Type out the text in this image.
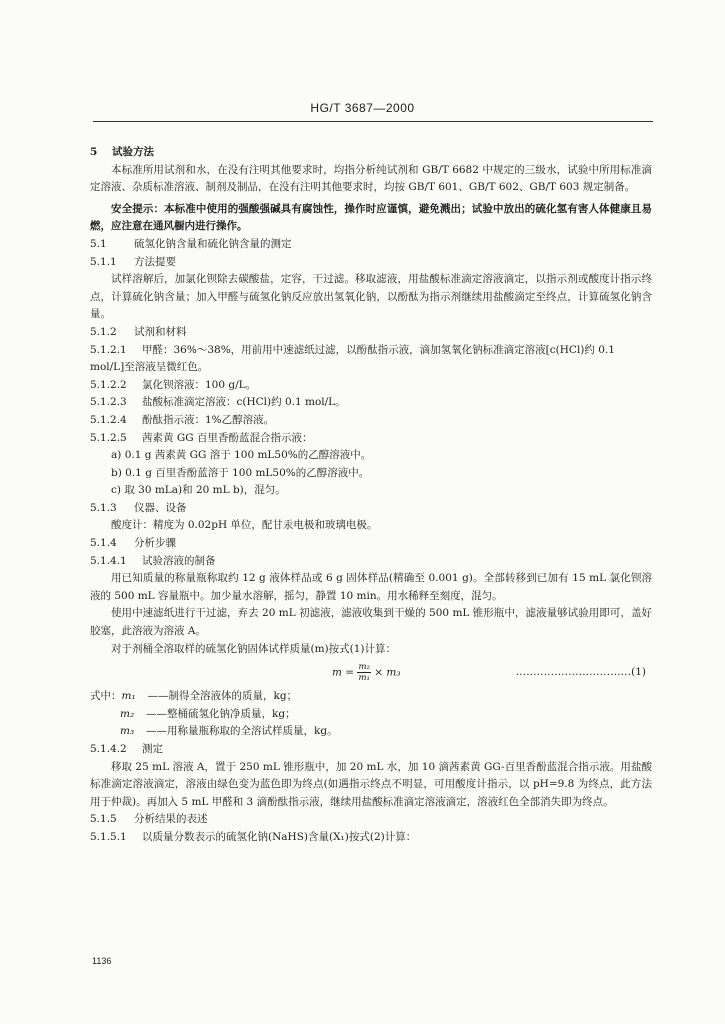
HG/T 3687—2000

5 试验方法

本标准所用试剂和水，在没有注明其他要求时，均指分析纯试剂和 GB/T 6682 中规定的三级水，试验中所用标准滴定溶液、杂质标准溶液、制剂及制品，在没有注明其他要求时，均按 GB/T 601、GB/T 602、GB/T 603 规定制备。

安全提示：本标准中使用的强酸强碱具有腐蚀性，操作时应谨慎，避免溅出；试验中放出的硫化氢有害人体健康且易燃，应注意在通风橱内进行操作。

5.1	硫氢化钠含量和硫化钠含量的测定

5.1.1 方法提要

试样溶解后，加氯化钡除去碳酸盐，定容，干过滤。移取滤液，用盐酸标准滴定溶液滴定，以指示剂或酸度计指示终点，计算硫化钠含量；加入甲醛与硫氢化钠反应放出氢氧化钠，以酚酞为指示剂继续用盐酸滴定至终点，计算硫氢化钠含量。

5.1.2 试剂和材料

5.1.2.1 甲醛：36%～38%，用前用中速滤纸过滤，以酚酞指示液，滴加氢氧化钠标准滴定溶液[c(HCl)约 0.1 mol/L]至溶液呈微红色。

5.1.2.2 氯化钡溶液：100 g/L。

5.1.2.3 盐酸标准滴定溶液：c(HCl)约 0.1 mol/L。

5.1.2.4 酚酞指示液：1%乙醇溶液。

5.1.2.5 茜素黄 GG 百里香酚蓝混合指示液：

a) 0.1 g 茜素黄 GG 溶于 100 mL50%的乙醇溶液中。

b) 0.1 g 百里香酚蓝溶于 100 mL50%的乙醇溶液中。

c) 取 30 mLa)和 20 mL b)，混匀。

5.1.3 仪器、设备

酸度计：精度为 0.02pH 单位，配甘汞电极和玻璃电极。

5.1.4 分析步骤

5.1.4.1 试验溶液的制备

用已知质量的称量瓶称取约 12 g 液体样品或 6 g 固体样品(精确至 0.001 g)。全部转移到已加有 15 mL 氯化钡溶液的 500 mL 容量瓶中。加少量水溶解，摇匀，静置 10 min。用水稀释至刻度，混匀。

使用中速滤纸进行干过滤，弃去 20 mL 初滤液，滤液收集到干燥的 500 mL 锥形瓶中，滤液量够试验用即可，盖好胶塞，此溶液为溶液 A。

对于剂桶全溶取样的硫氢化钠固体试样质量(m)按式(1)计算：

$m = \frac{\text{m₂}}{\text{m₁}} \times m_3$	……………………………(1)

式中：m₁ ——制得全溶液体的质量，kg；

m₂ ——整桶硫氢化钠净质量，kg；

m₃ ——用称量瓶称取的全溶试样质量，kg。

5.1.4.2 测定

移取 25 mL 溶液 A，置于 250 mL 锥形瓶中，加 20 mL 水，加 10 滴茜素黄 GG-百里香酚蓝混合指示液。用盐酸标准滴定溶液滴定，溶液由绿色变为蓝色即为终点(如遇指示终点不明显，可用酸度计指示，以 pH=9.8 为终点，此方法用于仲裁)。再加入 5 mL 甲醛和 3 滴酚酞指示液，继续用盐酸标准滴定溶液滴定，溶液红色全部消失即为终点。

5.1.5 分析结果的表述

5.1.5.1 以质量分数表示的硫氢化钠(NaHS)含量(X₁)按式(2)计算：

1136
